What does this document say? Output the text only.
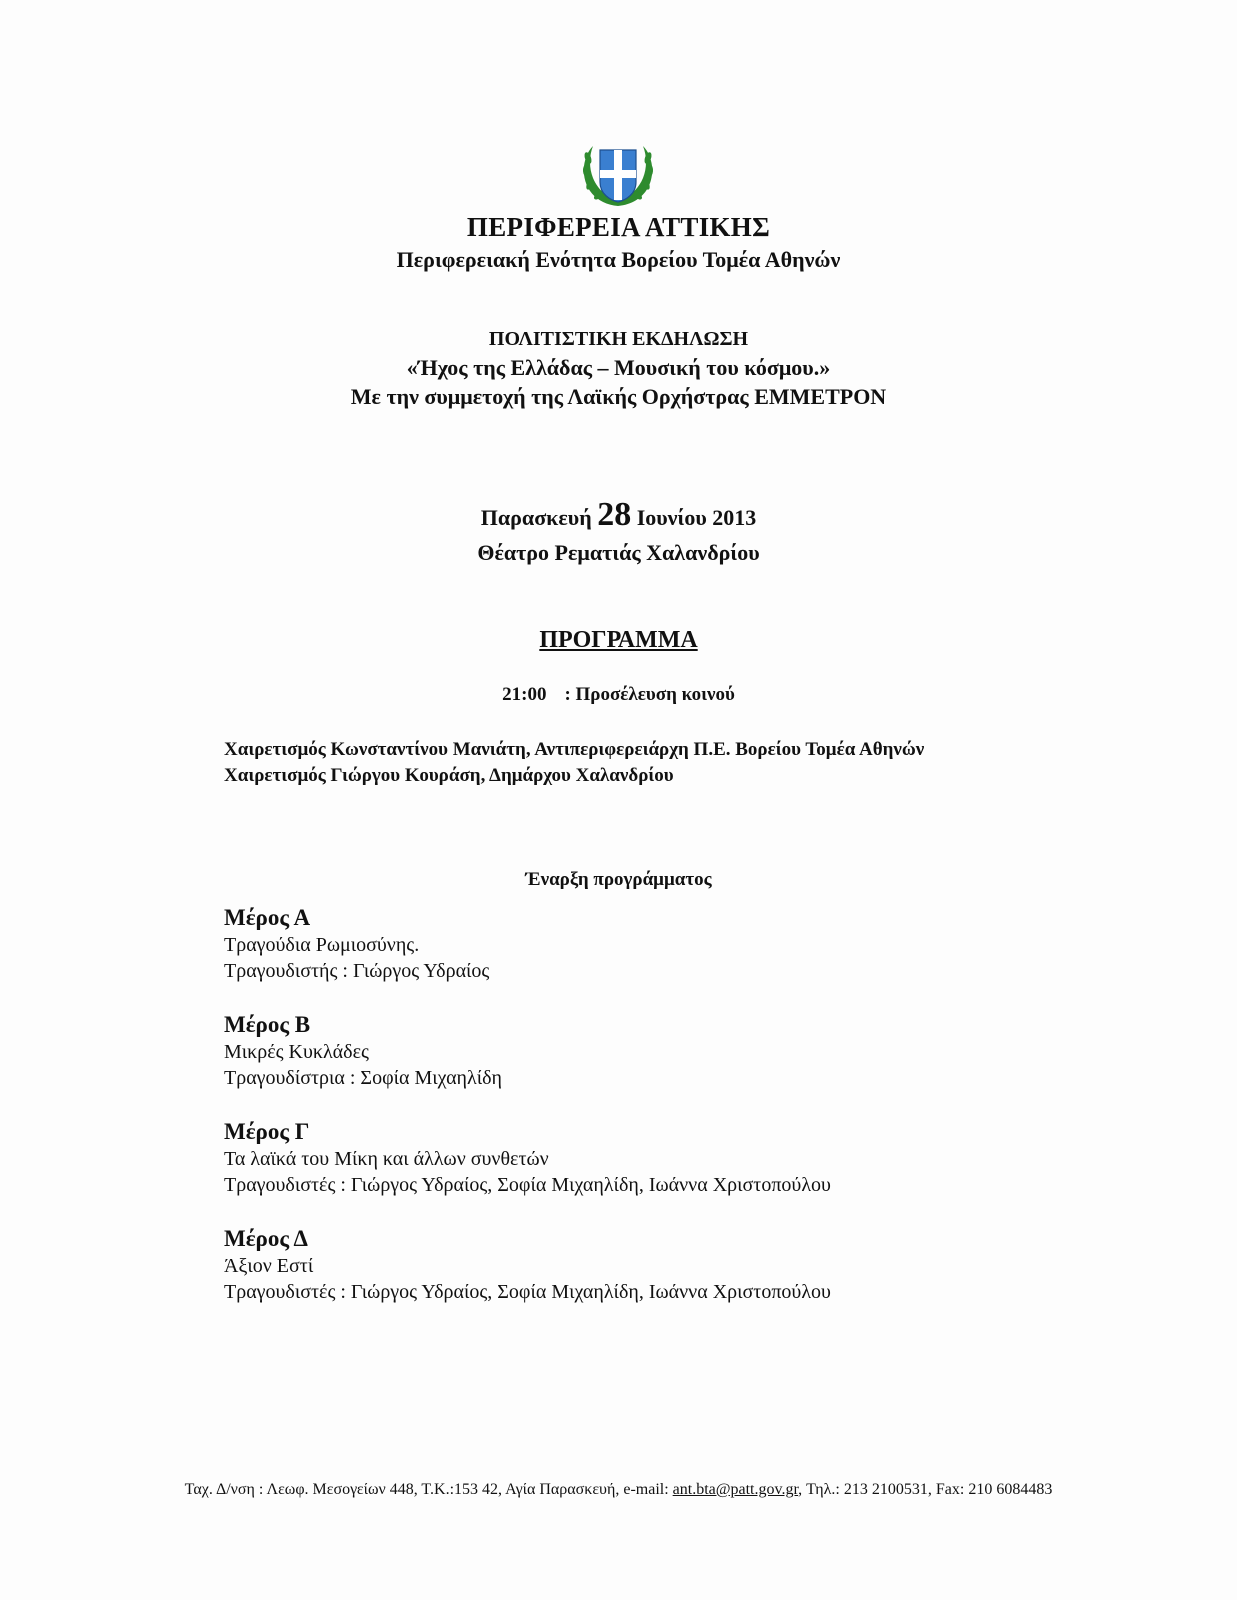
ΠΕΡΙΦΕΡΕΙΑ ΑΤΤΙΚΗΣ
Περιφερειακή Ενότητα Βορείου Τομέα Αθηνών
ΠΟΛΙΤΙΣΤΙΚΗ ΕΚΔΗΛΩΣΗ
«Ήχος της Ελλάδας – Μουσική του κόσμου.»
Με την συμμετοχή της Λαϊκής Ορχήστρας ΕΜΜΕΤΡΟΝ
Παρασκευή 28 Ιουνίου 2013
Θέατρο Ρεματιάς Χαλανδρίου
ΠΡΟΓΡΑΜΜΑ
21:00 : Προσέλευση κοινού

Χαιρετισμός Κωνσταντίνου Μανιάτη, Αντιπεριφερειάρχη Π.Ε. Βορείου Τομέα Αθηνών

Χαιρετισμός Γιώργου Κουράση, Δημάρχου Χαλανδρίου

Έναρξη προγράμματος
Μέρος Α
Τραγούδια Ρωμιοσύνης.
Τραγουδιστής : Γιώργος Υδραίος
Μέρος Β
Μικρές Κυκλάδες
Τραγουδίστρια : Σοφία Μιχαηλίδη
Μέρος Γ
Τα λαϊκά του Μίκη και άλλων συνθετών
Τραγουδιστές : Γιώργος Υδραίος, Σοφία Μιχαηλίδη, Ιωάννα Χριστοπούλου
Μέρος Δ
Άξιον Εστί
Τραγουδιστές : Γιώργος Υδραίος, Σοφία Μιχαηλίδη, Ιωάννα Χριστοπούλου
Ταχ. Δ/νση : Λεωφ. Μεσογείων 448, Τ.Κ.:153 42, Αγία Παρασκευή, e-mail: ant.bta@patt.gov.gr, Τηλ.: 213 2100531, Fax: 210 6084483
